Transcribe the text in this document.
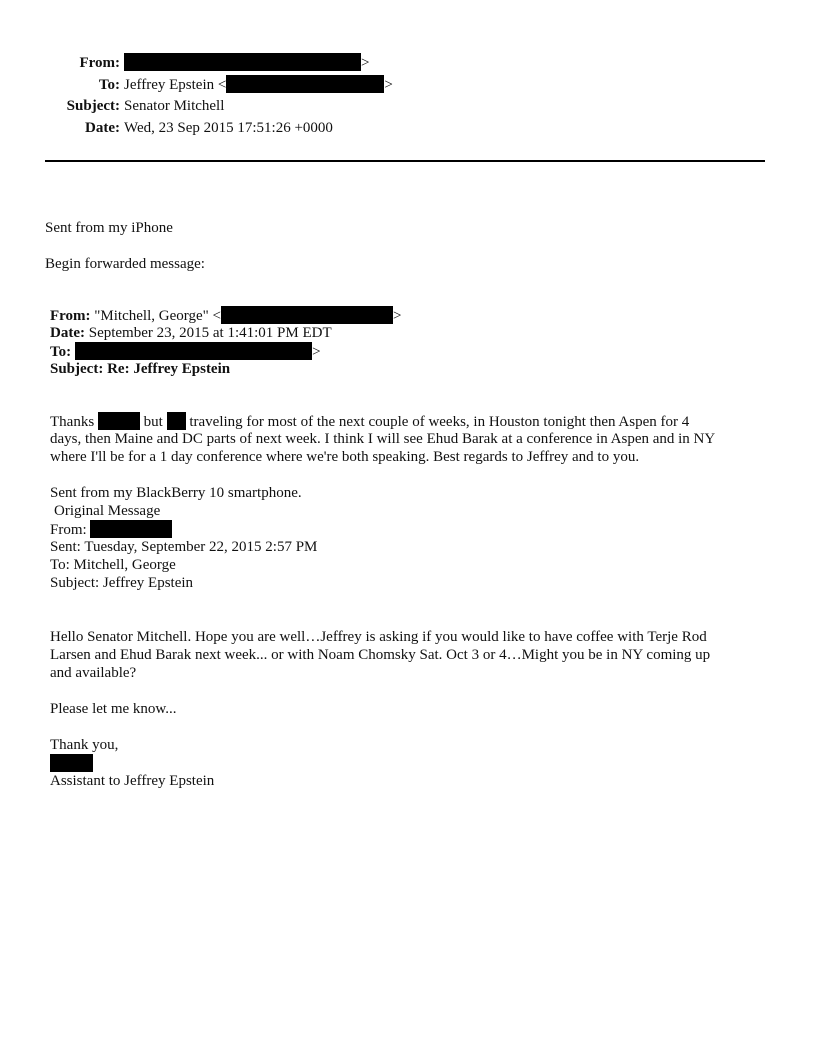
From:	>
To: Jeffrey Epstein <	>
Subject: Senator Mitchell
Date: Wed, 23 Sep 2015 17:51:26 +0000
Sent from my iPhone
Begin forwarded message:
From: "Mitchell, George" <	>
Date: September 23, 2015 at 1:41:01 PM EDT
To:	>
Subject: Re: Jeffrey Epstein
Thanks	but traveling for most of the next couple of weeks, in Houston tonight then Aspen for 4
days, then Maine and DC parts of next week. I think I will see Ehud Barak at a conference in Aspen and in NY
where I'll be for a 1 day conference where we're both speaking. Best regards to Jeffrey and to you.
Sent from my BlackBerry 10 smartphone.
Original Message
From:
Sent: Tuesday, September 22, 2015 2:57 PM
To: Mitchell, George
Subject: Jeffrey Epstein
Hello Senator Mitchell. Hope you are well…Jeffrey is asking if you would like to have coffee with Terje Rod
Larsen and Ehud Barak next week... or with Noam Chomsky Sat. Oct 3 or 4…Might you be in NY coming up
and available?
Please let me know...
Thank you,
Assistant to Jeffrey Epstein
